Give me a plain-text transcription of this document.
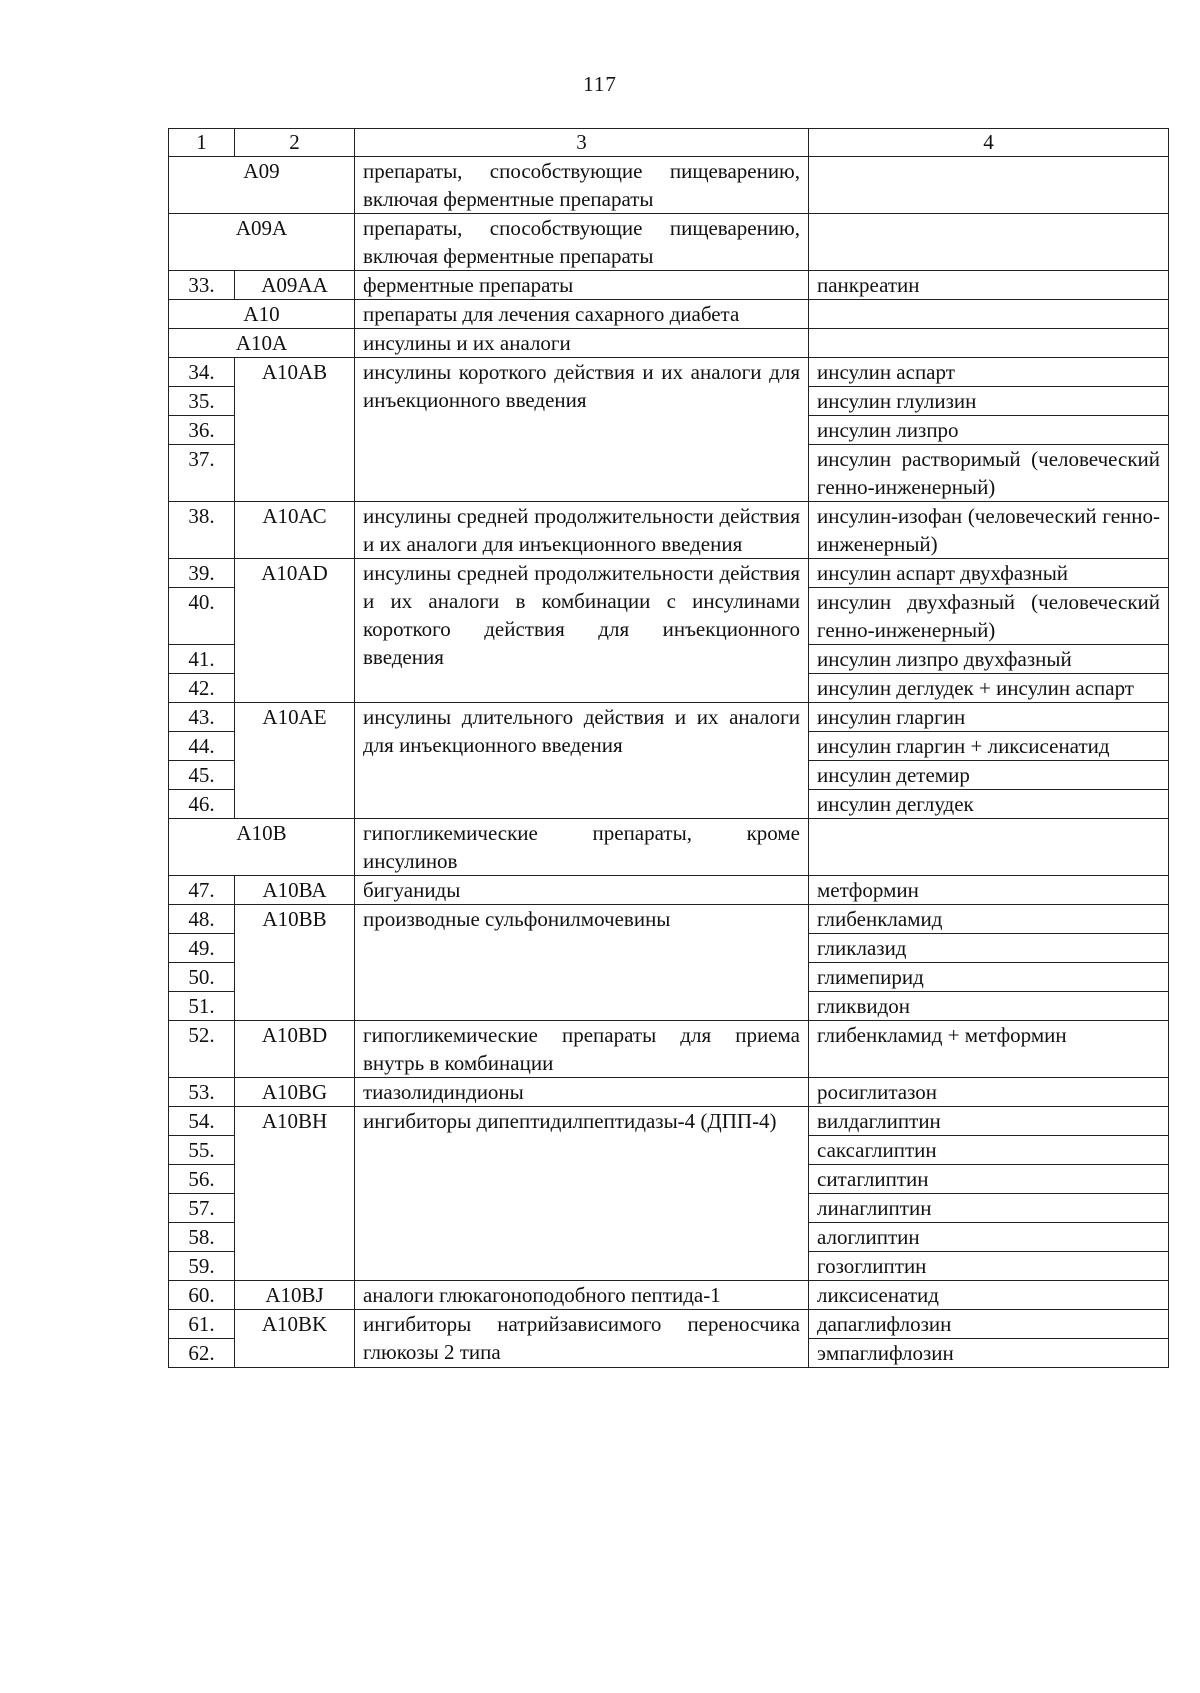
117
1	2	3	4
А09		препараты, способствующие пищеварению, включая ферментные препараты	
А09А		препараты, способствующие пищеварению, включая ферментные препараты	
33.	А09АА	ферментные препараты	панкреатин
А10		препараты для лечения сахарного диабета	
А10А		инсулины и их аналоги	
34.	А10АВ	инсулины короткого действия и их аналоги для инъекционного введения	инсулин аспарт
35.			инсулин глулизин
36.			инсулин лизпро
37.			инсулин растворимый (человеческий генно-инженерный)
38.	А10АС	инсулины средней продолжительности действия и их аналоги для инъекционного введения	инсулин-изофан (человеческий генно-инженерный)
39.	А10AD	инсулины средней продолжительности действия и их аналоги в комбинации с инсулинами короткого действия для инъекционного введения	инсулин аспарт двухфазный
40.			инсулин двухфазный (человеческий генно-инженерный)
41.			инсулин лизпро двухфазный
42.			инсулин деглудек + инсулин аспарт
43.	А10АЕ	инсулины длительного действия и их аналоги для инъекционного введения	инсулин гларгин
44.			инсулин гларгин + ликсисенатид
45.			инсулин детемир
46.			инсулин деглудек
А10В		гипогликемические препараты, кроме инсулинов	
47.	А10ВА	бигуаниды	метформин
48.	А10ВВ	производные сульфонилмочевины	глибенкламид
49.			гликлазид
50.			глимепирид
51.			гликвидон
52.	A10BD	гипогликемические препараты для приема внутрь в комбинации	глибенкламид + метформин
53.	A10BG	тиазолидиндионы	росиглитазон
54.	A10BH	ингибиторы дипептидилпептидазы-4 (ДПП-4)	вилдаглиптин
55.			саксаглиптин
56.			ситаглиптин
57.			линаглиптин
58.			алоглиптин
59.			гозоглиптин
60.	A10BJ	аналоги глюкагоноподобного пептида-1	ликсисенатид
61.	A10BK	ингибиторы натрийзависимого переносчика глюкозы 2 типа	дапаглифлозин
62.			эмпаглифлозин
